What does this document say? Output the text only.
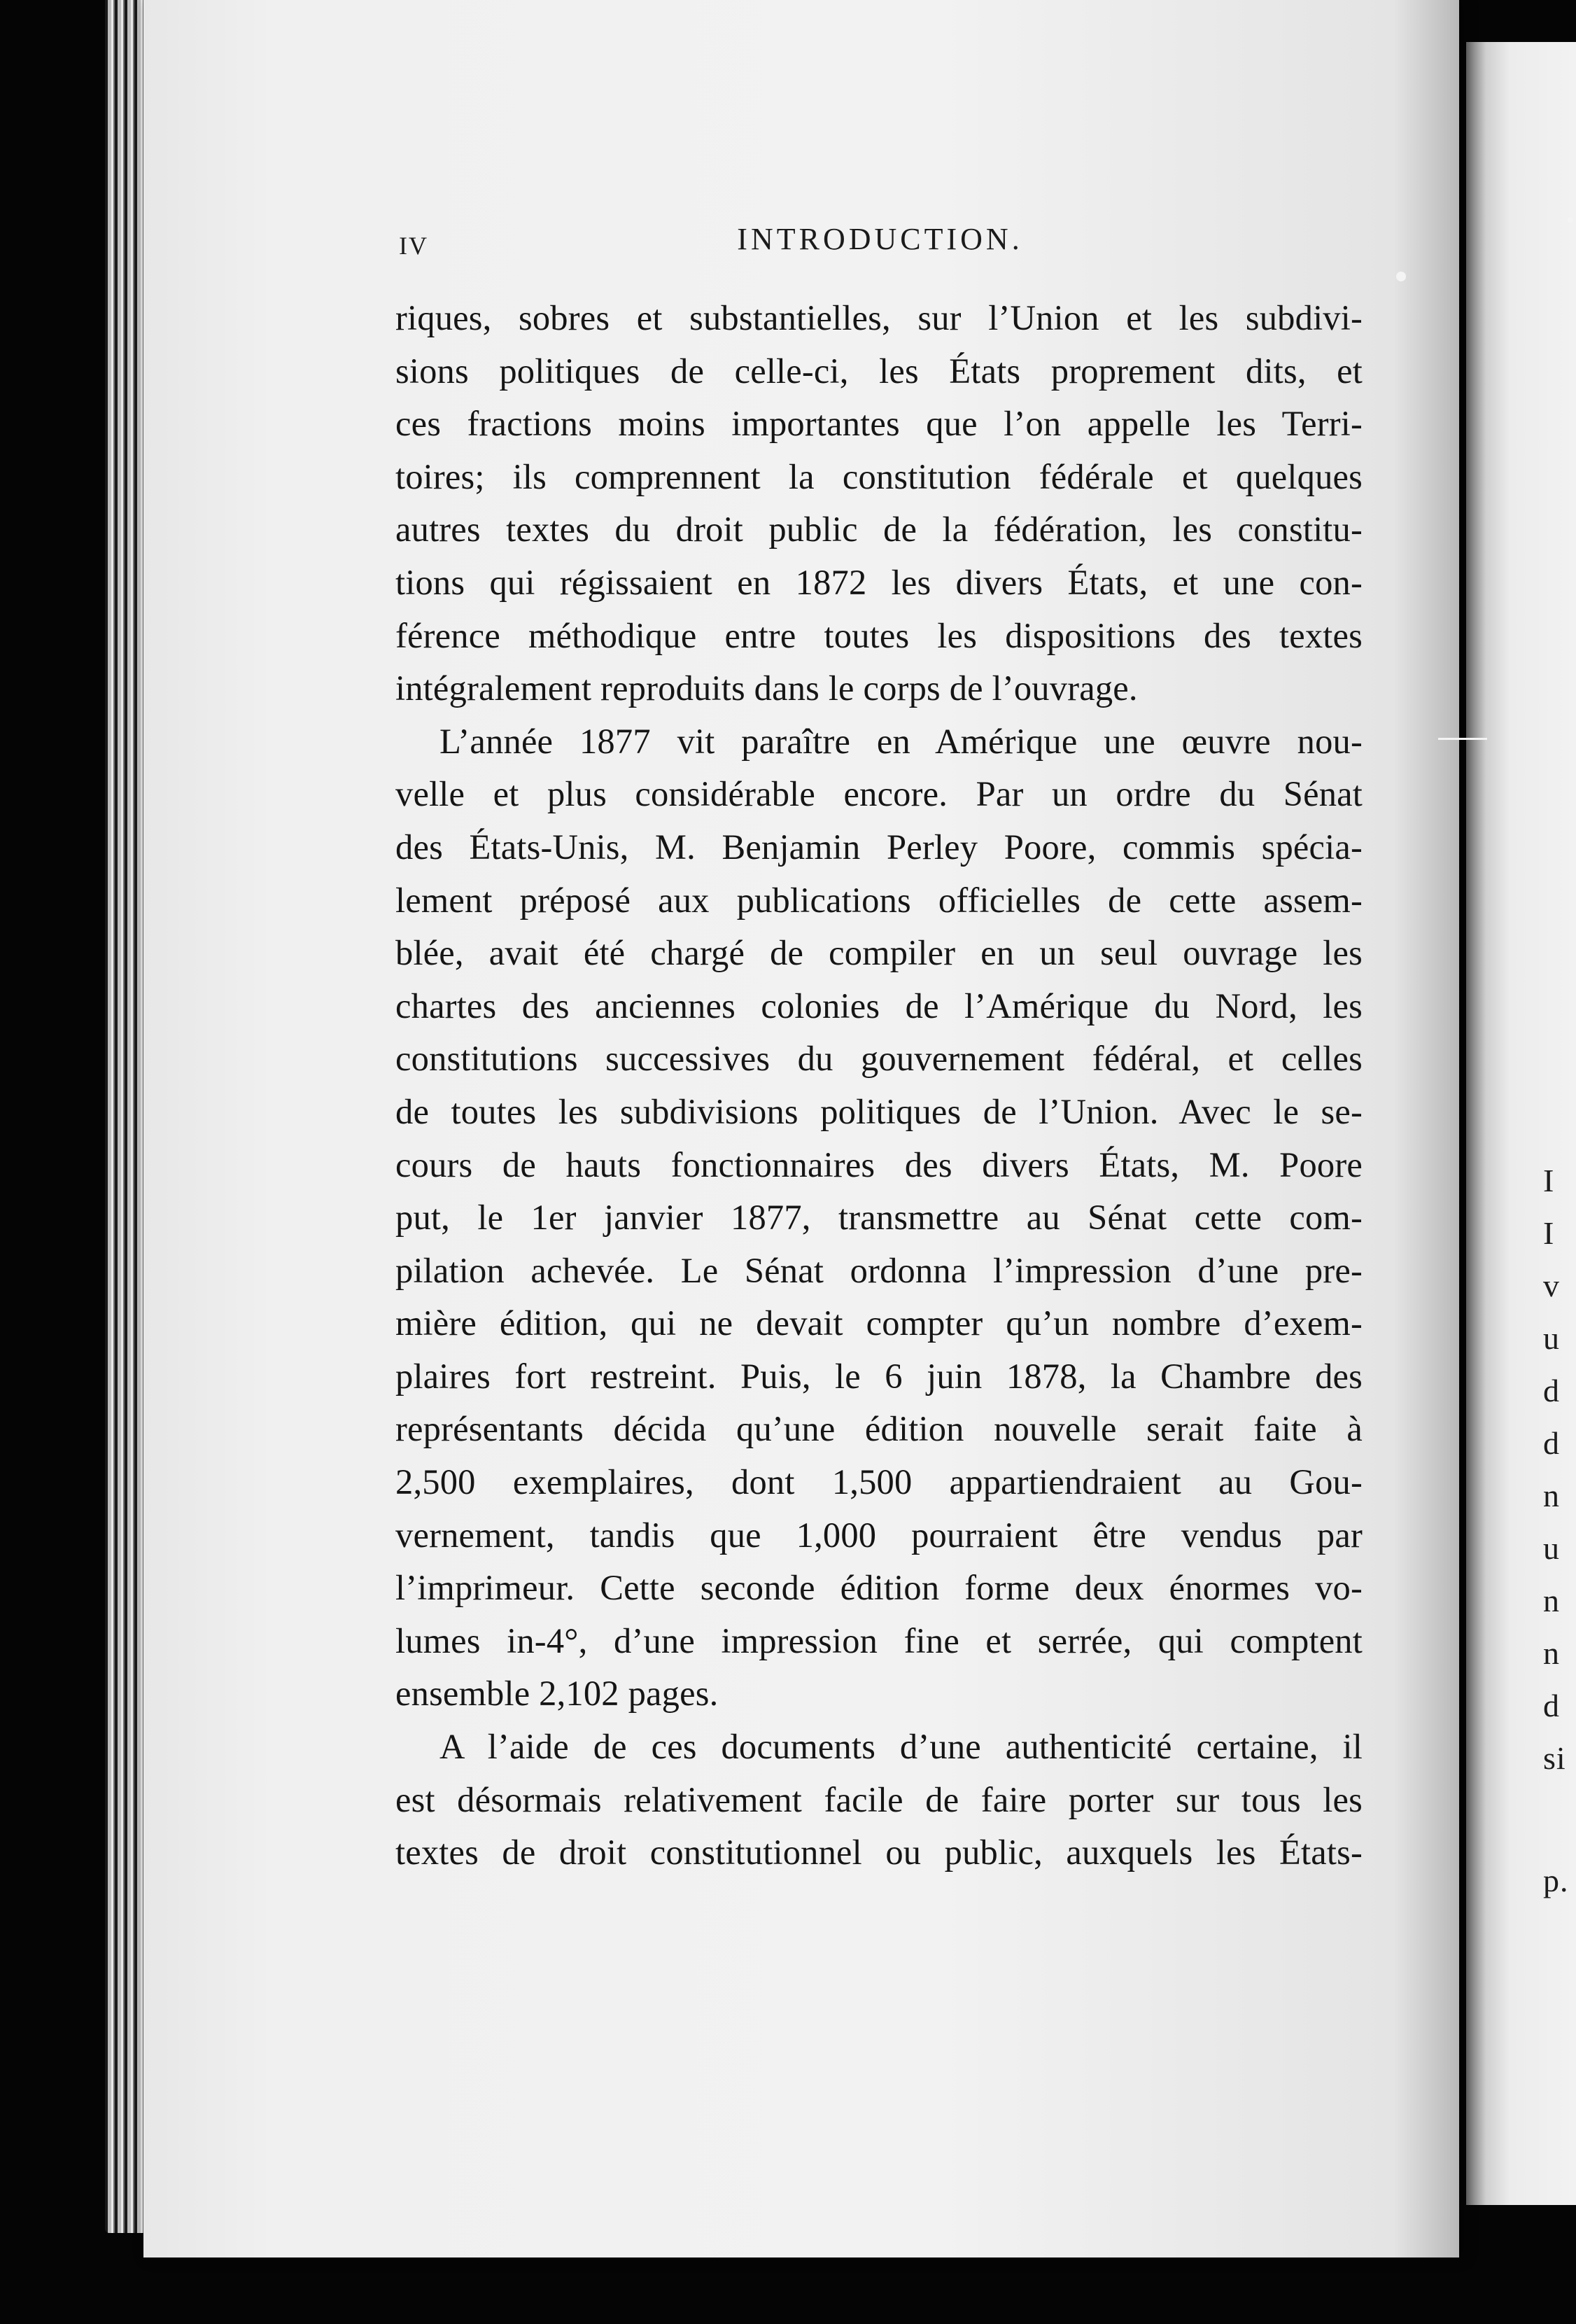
I
I
v
u
d
d
n
u
n
n
d
si
p.
IV	INTRODUCTION.
riques, sobres et substantielles, sur l’Union et les subdivi-
sions politiques de celle-ci, les États proprement dits, et
ces fractions moins importantes que l’on appelle les Terri-
toires; ils comprennent la constitution fédérale et quelques
autres textes du droit public de la fédération, les constitu-
tions qui régissaient en 1872 les divers États, et une con-
férence méthodique entre toutes les dispositions des textes
intégralement reproduits dans le corps de l’ouvrage.
L’année 1877 vit paraître en Amérique une œuvre nou-
velle et plus considérable encore. Par un ordre du Sénat
des États-Unis, M. Benjamin Perley Poore, commis spécia-
lement préposé aux publications officielles de cette assem-
blée, avait été chargé de compiler en un seul ouvrage les
chartes des anciennes colonies de l’Amérique du Nord, les
constitutions successives du gouvernement fédéral, et celles
de toutes les subdivisions politiques de l’Union. Avec le se-
cours de hauts fonctionnaires des divers États, M. Poore
put, le 1er janvier 1877, transmettre au Sénat cette com-
pilation achevée. Le Sénat ordonna l’impression d’une pre-
mière édition, qui ne devait compter qu’un nombre d’exem-
plaires fort restreint. Puis, le 6 juin 1878, la Chambre des
représentants décida qu’une édition nouvelle serait faite à
2,500 exemplaires, dont 1,500 appartiendraient au Gou-
vernement, tandis que 1,000 pourraient être vendus par
l’imprimeur. Cette seconde édition forme deux énormes vo-
lumes in-4°, d’une impression fine et serrée, qui comptent
ensemble 2,102 pages.
A l’aide de ces documents d’une authenticité certaine, il
est désormais relativement facile de faire porter sur tous les
textes de droit constitutionnel ou public, auxquels les États-
